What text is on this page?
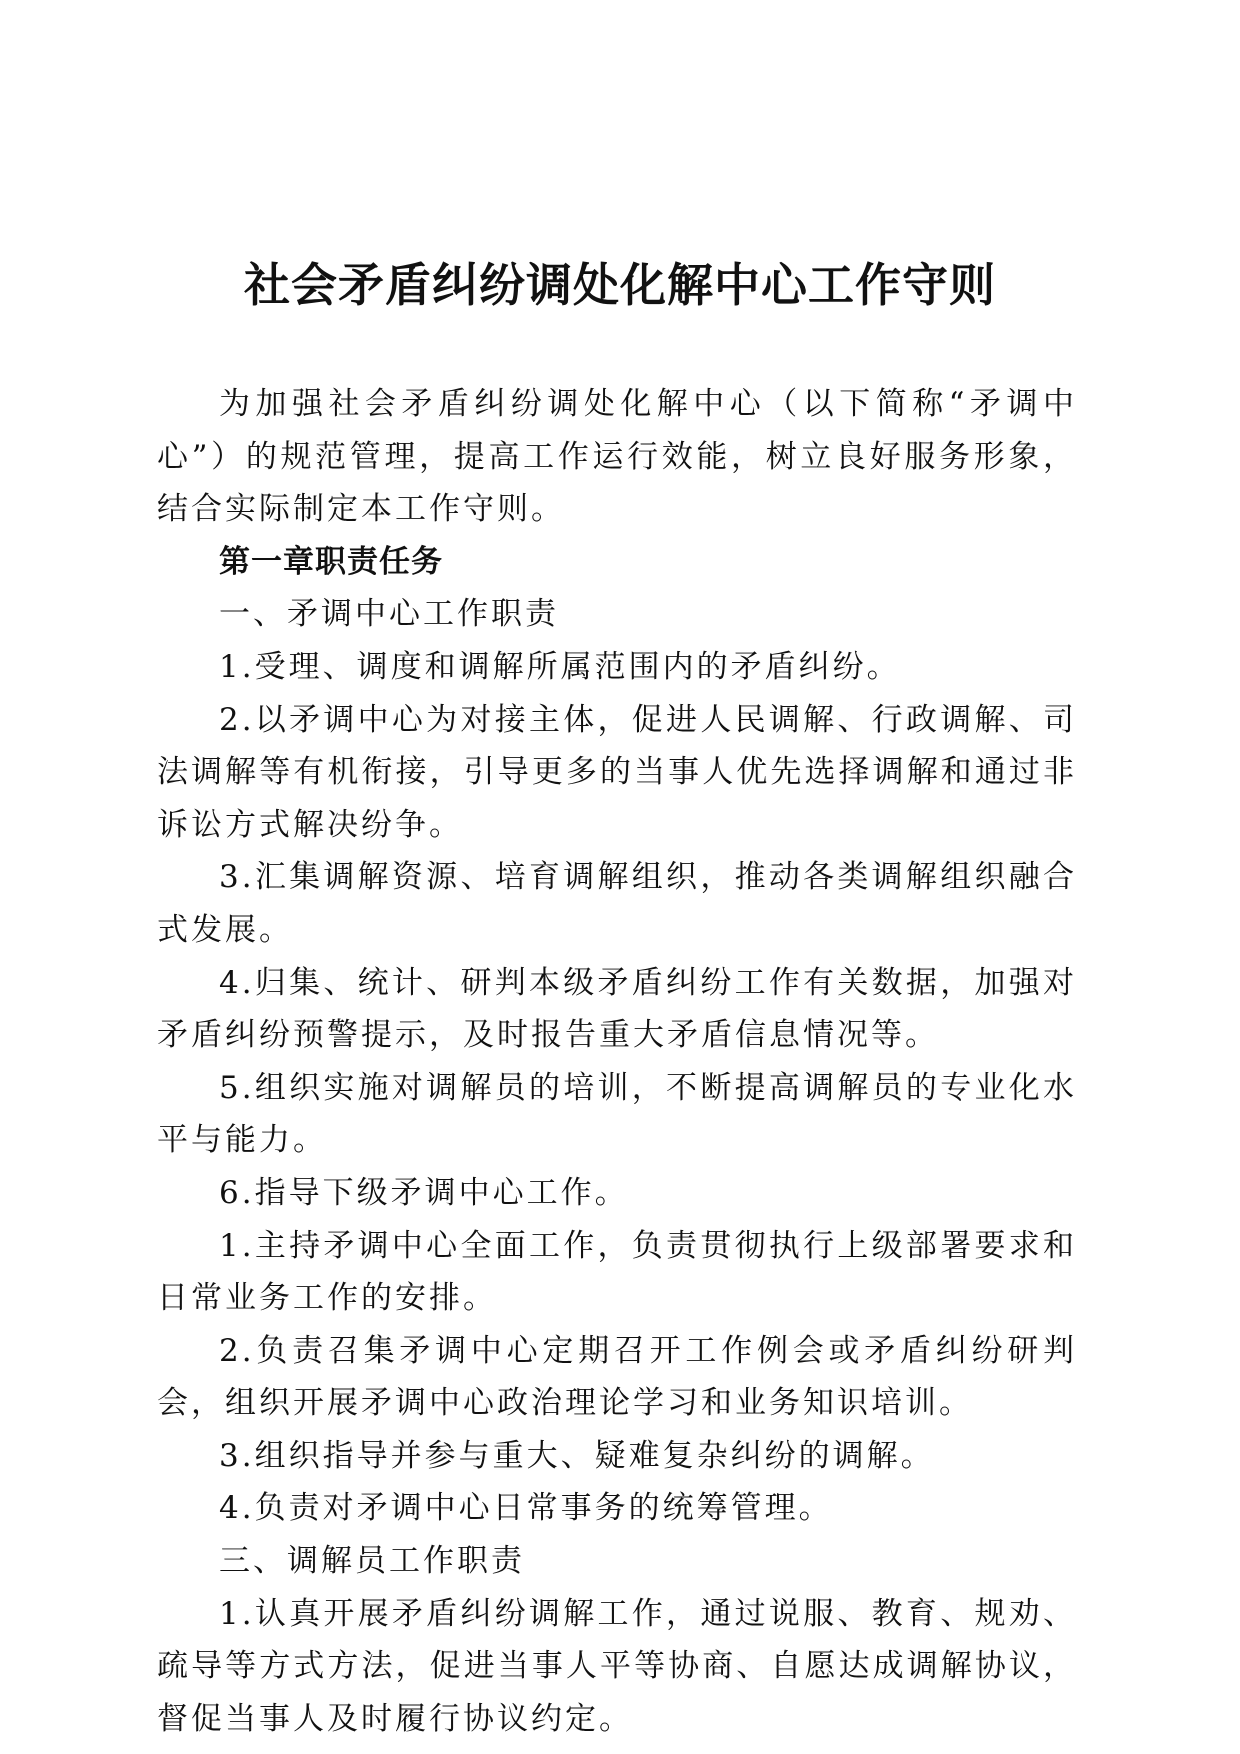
社会矛盾纠纷调处化解中心工作守则

为加强社会矛盾纠纷调处化解中心（以下简称“矛调中心”）的规范管理，提高工作运行效能，树立良好服务形象，结合实际制定本工作守则。

第一章职责任务

一、矛调中心工作职责

1.受理、调度和调解所属范围内的矛盾纠纷。

2.以矛调中心为对接主体，促进人民调解、行政调解、司法调解等有机衔接，引导更多的当事人优先选择调解和通过非诉讼方式解决纷争。

3.汇集调解资源、培育调解组织，推动各类调解组织融合式发展。

4.归集、统计、研判本级矛盾纠纷工作有关数据，加强对矛盾纠纷预警提示，及时报告重大矛盾信息情况等。

5.组织实施对调解员的培训，不断提高调解员的专业化水平与能力。

6.指导下级矛调中心工作。

1.主持矛调中心全面工作，负责贯彻执行上级部署要求和日常业务工作的安排。

2.负责召集矛调中心定期召开工作例会或矛盾纠纷研判会，组织开展矛调中心政治理论学习和业务知识培训。

3.组织指导并参与重大、疑难复杂纠纷的调解。

4.负责对矛调中心日常事务的统筹管理。

三、调解员工作职责

1.认真开展矛盾纠纷调解工作，通过说服、教育、规劝、疏导等方式方法，促进当事人平等协商、自愿达成调解协议，督促当事人及时履行协议约定。
